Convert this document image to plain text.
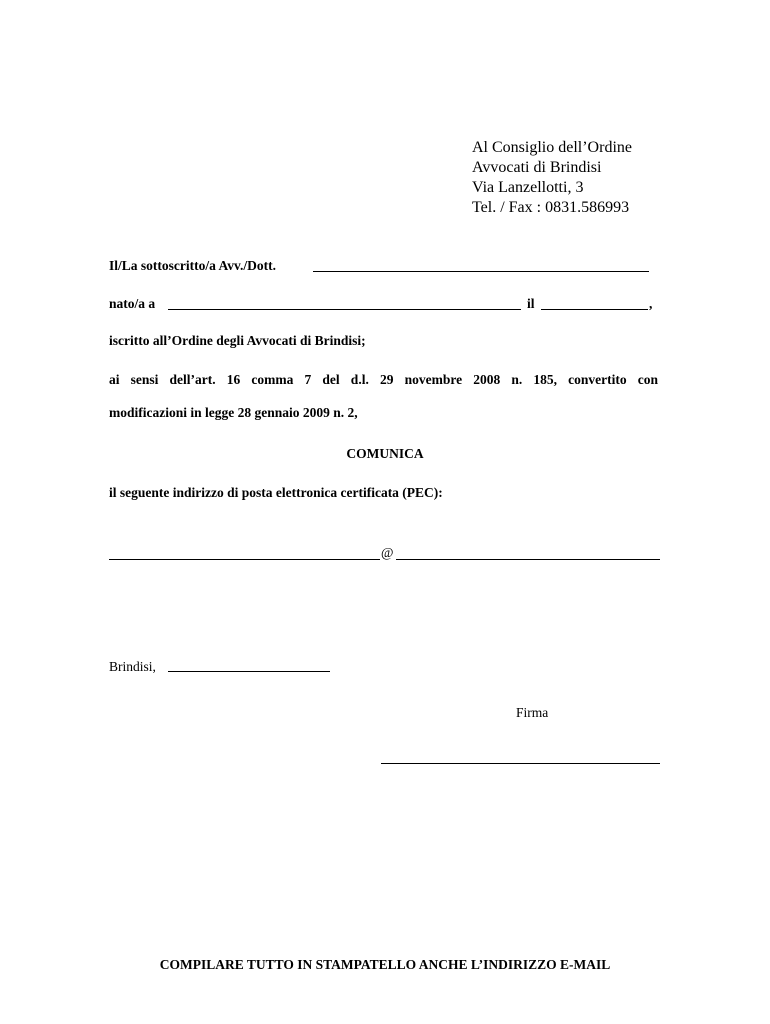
Al Consiglio dell’Ordine
Avvocati di Brindisi
Via Lanzellotti, 3
Tel. / Fax : 0831.586993
Il/La sottoscritto/a Avv./Dott.
nato/a a	il	,
iscritto all’Ordine degli Avvocati di Brindisi;
ai sensi dell’art. 16 comma 7 del d.l. 29 novembre 2008 n. 185, convertito con
modificazioni in legge 28 gennaio 2009 n. 2,
COMUNICA
il seguente indirizzo di posta elettronica certificata (PEC):
@
Brindisi,
Firma
COMPILARE TUTTO IN STAMPATELLO ANCHE L’INDIRIZZO E-MAIL
